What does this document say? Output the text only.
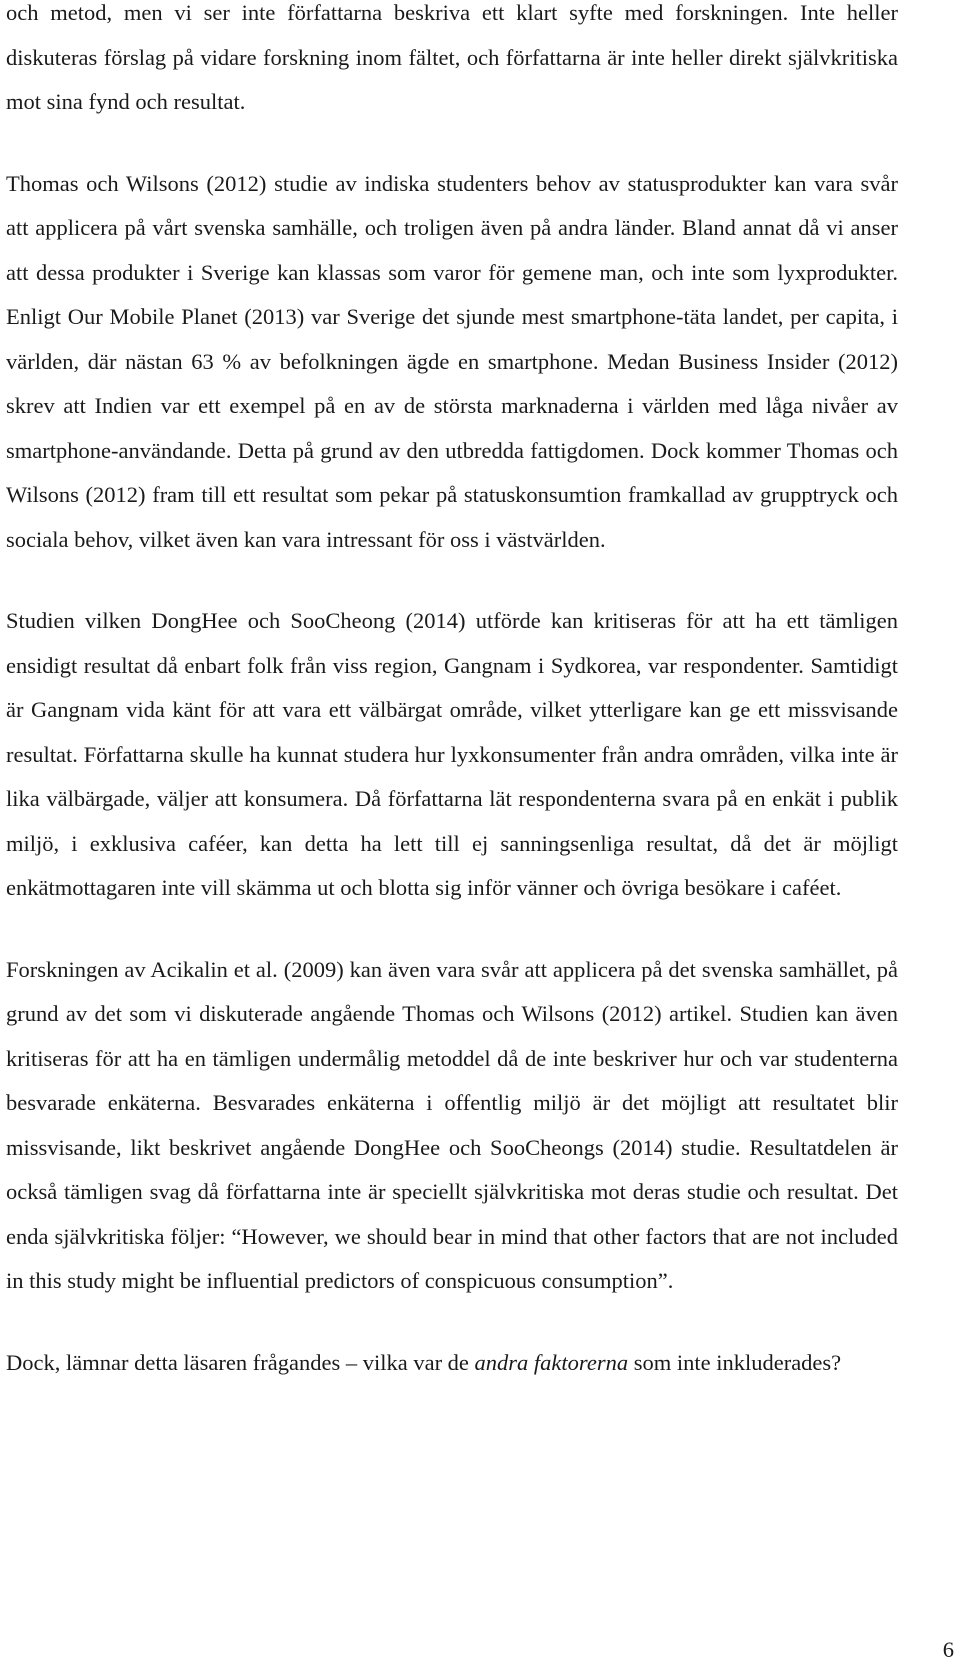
och metod, men vi ser inte författarna beskriva ett klart syfte med forskningen. Inte heller diskuteras förslag på vidare forskning inom fältet, och författarna är inte heller direkt självkritiska mot sina fynd och resultat.

Thomas och Wilsons (2012) studie av indiska studenters behov av statusprodukter kan vara svår att applicera på vårt svenska samhälle, och troligen även på andra länder. Bland annat då vi anser att dessa produkter i Sverige kan klassas som varor för gemene man, och inte som lyxprodukter. Enligt Our Mobile Planet (2013) var Sverige det sjunde mest smartphone-täta landet, per capita, i världen, där nästan 63 % av befolkningen ägde en smartphone. Medan Business Insider (2012) skrev att Indien var ett exempel på en av de största marknaderna i världen med låga nivåer av smartphone-användande. Detta på grund av den utbredda fattigdomen. Dock kommer Thomas och Wilsons (2012) fram till ett resultat som pekar på statuskonsumtion framkallad av grupptryck och sociala behov, vilket även kan vara intressant för oss i västvärlden.

Studien vilken DongHee och SooCheong (2014) utförde kan kritiseras för att ha ett tämligen ensidigt resultat då enbart folk från viss region, Gangnam i Sydkorea, var respondenter. Samtidigt är Gangnam vida känt för att vara ett välbärgat område, vilket ytterligare kan ge ett missvisande resultat. Författarna skulle ha kunnat studera hur lyxkonsumenter från andra områden, vilka inte är lika välbärgade, väljer att konsumera. Då författarna lät respondenterna svara på en enkät i publik miljö, i exklusiva caféer, kan detta ha lett till ej sanningsenliga resultat, då det är möjligt enkätmottagaren inte vill skämma ut och blotta sig inför vänner och övriga besökare i caféet.

Forskningen av Acikalin et al. (2009) kan även vara svår att applicera på det svenska samhället, på grund av det som vi diskuterade angående Thomas och Wilsons (2012) artikel. Studien kan även kritiseras för att ha en tämligen undermålig metoddel då de inte beskriver hur och var studenterna besvarade enkäterna. Besvarades enkäterna i offentlig miljö är det möjligt att resultatet blir missvisande, likt beskrivet angående DongHee och SooCheongs (2014) studie. Resultatdelen är också tämligen svag då författarna inte är speciellt självkritiska mot deras studie och resultat. Det enda självkritiska följer: “However, we should bear in mind that other factors that are not included in this study might be influential predictors of conspicuous consumption”.

Dock, lämnar detta läsaren frågandes – vilka var de andra faktorerna som inte inkluderades?

6
